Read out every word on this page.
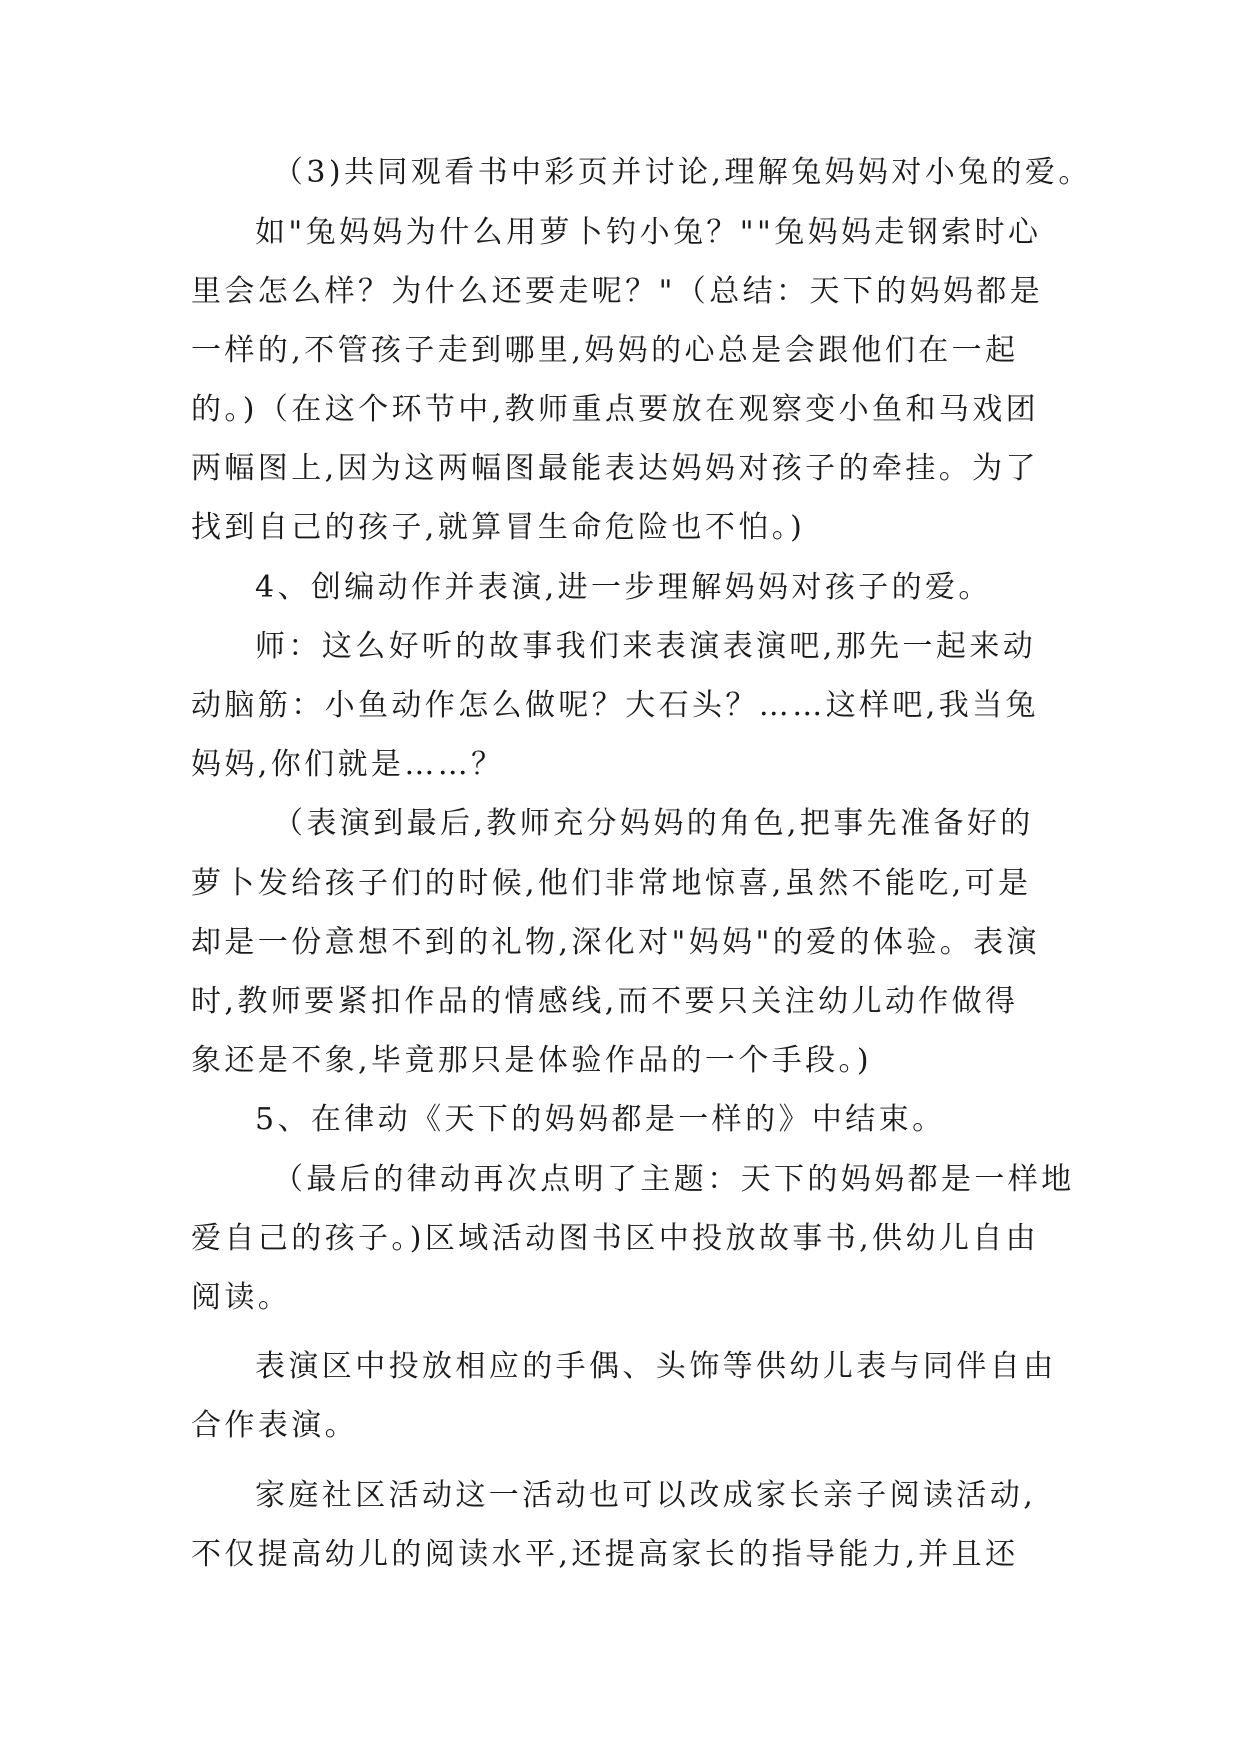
（3)共同观看书中彩页并讨论,理解兔妈妈对小兔的爱。
如"兔妈妈为什么用萝卜钓小兔？""兔妈妈走钢索时心
里会怎么样？为什么还要走呢？"（总结：天下的妈妈都是
一样的,不管孩子走到哪里,妈妈的心总是会跟他们在一起
的。)（在这个环节中,教师重点要放在观察变小鱼和马戏团
两幅图上,因为这两幅图最能表达妈妈对孩子的牵挂。为了
找到自己的孩子,就算冒生命危险也不怕。)
4、创编动作并表演,进一步理解妈妈对孩子的爱。
师：这么好听的故事我们来表演表演吧,那先一起来动
动脑筋：小鱼动作怎么做呢？大石头？……这样吧,我当兔
妈妈,你们就是……？
（表演到最后,教师充分妈妈的角色,把事先准备好的
萝卜发给孩子们的时候,他们非常地惊喜,虽然不能吃,可是
却是一份意想不到的礼物,深化对"妈妈"的爱的体验。表演
时,教师要紧扣作品的情感线,而不要只关注幼儿动作做得
象还是不象,毕竟那只是体验作品的一个手段。)
5、在律动《天下的妈妈都是一样的》中结束。
（最后的律动再次点明了主题：天下的妈妈都是一样地
爱自己的孩子。)区域活动图书区中投放故事书,供幼儿自由
阅读。
表演区中投放相应的手偶、头饰等供幼儿表与同伴自由
合作表演。
家庭社区活动这一活动也可以改成家长亲子阅读活动,
不仅提高幼儿的阅读水平,还提高家长的指导能力,并且还
